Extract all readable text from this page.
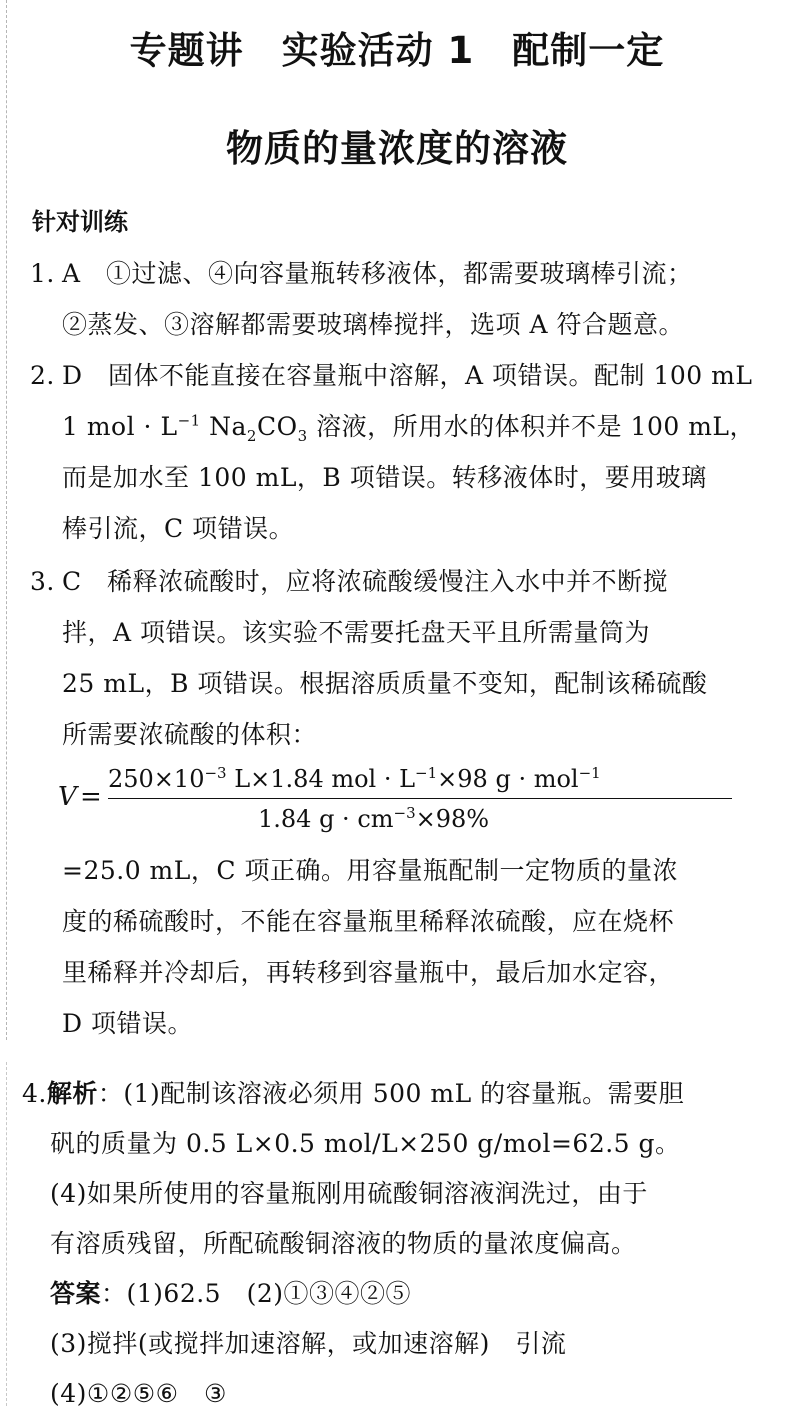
专题讲　实验活动 1　配制一定
物质的量浓度的溶液
针对训练
1. A　①过滤、④向容量瓶转移液体，都需要玻璃棒引流；
②蒸发、③溶解都需要玻璃棒搅拌，选项 A 符合题意。
2. D　固体不能直接在容量瓶中溶解，A 项错误。配制 100 mL
1 mol · $L^{-1}$ $Na_2CO_3$ 溶液，所用水的体积并不是 100 mL，
而是加水至 100 mL，B 项错误。转移液体时，要用玻璃
棒引流，C 项错误。
3. C　稀释浓硫酸时，应将浓硫酸缓慢注入水中并不断搅
拌，A 项错误。该实验不需要托盘天平且所需量筒为
25 mL，B 项错误。根据溶质质量不变知，配制该稀硫酸
所需要浓硫酸的体积：
V =
$250\times 10^{-3}$ L×1.84 mol · $L^{-1}\times 98$ g · mol$^{-1}$
1.84 $g \cdot cm^{-3}\times 98\%$
=25.0 mL，C 项正确。用容量瓶配制一定物质的量浓
度的稀硫酸时，不能在容量瓶里稀释浓硫酸，应在烧杯
里稀释并冷却后，再转移到容量瓶中，最后加水定容，
D 项错误。
4.解析：(1)配制该溶液必须用 500 mL 的容量瓶。需要胆
矾的质量为 0.5 L×0.5 mol/L×250 g/mol=62.5 g。
(4)如果所使用的容量瓶刚用硫酸铜溶液润洗过，由于
有溶质残留，所配硫酸铜溶液的物质的量浓度偏高。
答案：(1)62.5　(2)①③④②⑤
(3)搅拌(或搅拌加速溶解，或加速溶解)　引流
(4)①②⑤⑥　③
